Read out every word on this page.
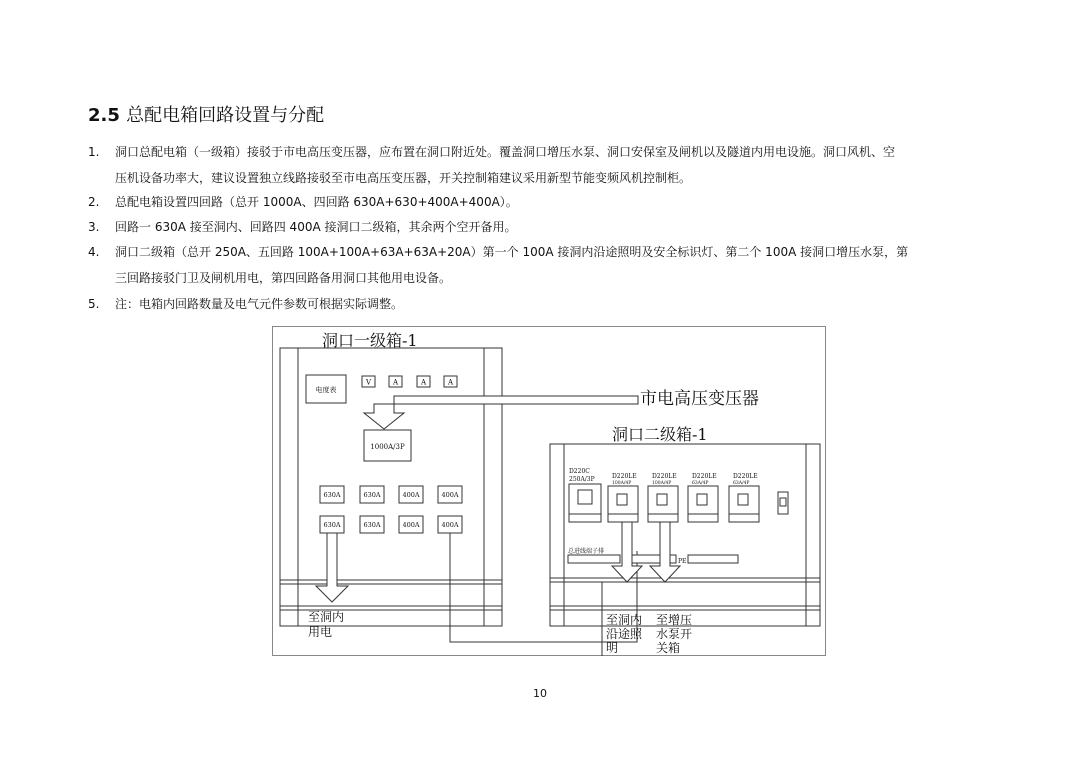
2.5 总配电箱回路设置与分配
1.	洞口总配电箱（一级箱）接驳于市电高压变压器，应布置在洞口附近处。覆盖洞口增压水泵、洞口安保室及闸机以及隧道内用电设施。洞口风机、空
压机设备功率大，建议设置独立线路接驳至市电高压变压器，开关控制箱建议采用新型节能变频风机控制柜。
2.	总配电箱设置四回路（总开 1000A、四回路 630A+630+400A+400A）。
3.	回路一 630A 接至洞内、回路四 400A 接洞口二级箱，其余两个空开备用。
4.	洞口二级箱（总开 250A、五回路 100A+100A+63A+63A+20A）第一个 100A 接洞内沿途照明及安全标识灯、第二个 100A 接洞口增压水泵，第
三回路接驳门卫及闸机用电，第四回路备用洞口其他用电设备。
5.	注：电箱内回路数量及电气元件参数可根据实际调整。
洞口一级箱-1
电度表
V	A	A	A
市电高压变压器
1000A/3P
630A	630A	400A	400A
630A	630A	400A	400A
至洞内
用电
洞口二级箱-1
D220C
250A/3P	D220LE
100A/4P
D220LE
100A/4P
D220LE
63A/4P
D220LE
63A/4P
总进线端子排
PE
至洞内
沿途照
明
至增压
水泵开
关箱
10
